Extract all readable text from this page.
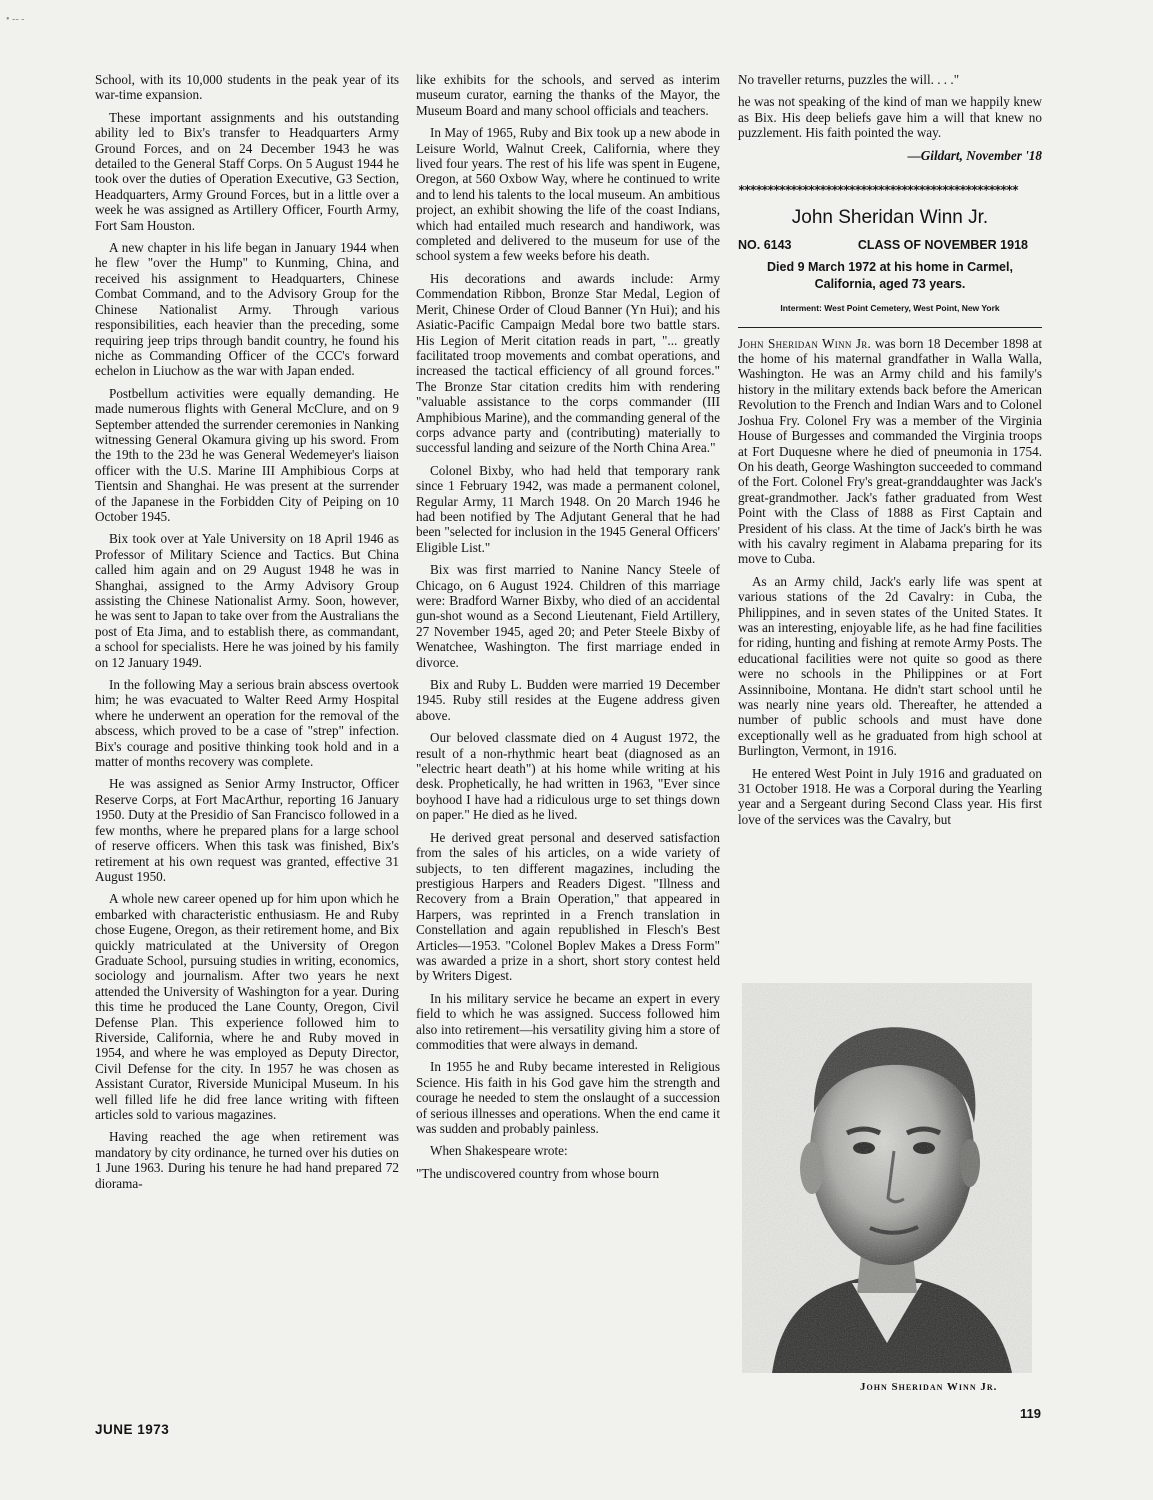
• -- -

School, with its 10,000 students in the peak year of its war-time expansion.

These important assignments and his outstanding ability led to Bix's transfer to Headquarters Army Ground Forces, and on 24 December 1943 he was detailed to the General Staff Corps. On 5 August 1944 he took over the duties of Operation Executive, G3 Section, Headquarters, Army Ground Forces, but in a little over a week he was assigned as Artillery Officer, Fourth Army, Fort Sam Houston.

A new chapter in his life began in January 1944 when he flew "over the Hump" to Kunming, China, and received his assignment to Headquarters, Chinese Combat Command, and to the Advisory Group for the Chinese Nationalist Army. Through various responsibilities, each heavier than the preceding, some requiring jeep trips through bandit country, he found his niche as Commanding Officer of the CCC's forward echelon in Liuchow as the war with Japan ended.

Postbellum activities were equally demanding. He made numerous flights with General McClure, and on 9 September attended the surrender ceremonies in Nanking witnessing General Okamura giving up his sword. From the 19th to the 23d he was General Wedemeyer's liaison officer with the U.S. Marine III Amphibious Corps at Tientsin and Shanghai. He was present at the surrender of the Japanese in the Forbidden City of Peiping on 10 October 1945.

Bix took over at Yale University on 18 April 1946 as Professor of Military Science and Tactics. But China called him again and on 29 August 1948 he was in Shanghai, assigned to the Army Advisory Group assisting the Chinese Nationalist Army. Soon, however, he was sent to Japan to take over from the Australians the post of Eta Jima, and to establish there, as commandant, a school for specialists. Here he was joined by his family on 12 January 1949.

In the following May a serious brain abscess overtook him; he was evacuated to Walter Reed Army Hospital where he underwent an operation for the removal of the abscess, which proved to be a case of "strep" infection. Bix's courage and positive thinking took hold and in a matter of months recovery was complete.

He was assigned as Senior Army Instructor, Officer Reserve Corps, at Fort MacArthur, reporting 16 January 1950. Duty at the Presidio of San Francisco followed in a few months, where he prepared plans for a large school of reserve officers. When this task was finished, Bix's retirement at his own request was granted, effective 31 August 1950.

A whole new career opened up for him upon which he embarked with characteristic enthusiasm. He and Ruby chose Eugene, Oregon, as their retirement home, and Bix quickly matriculated at the University of Oregon Graduate School, pursuing studies in writing, economics, sociology and journalism. After two years he next attended the University of Washington for a year. During this time he produced the Lane County, Oregon, Civil Defense Plan. This experience followed him to Riverside, California, where he and Ruby moved in 1954, and where he was employed as Deputy Director, Civil Defense for the city. In 1957 he was chosen as Assistant Curator, Riverside Municipal Museum. In his well filled life he did free lance writing with fifteen articles sold to various magazines.

Having reached the age when retirement was mandatory by city ordinance, he turned over his duties on 1 June 1963. During his tenure he had hand prepared 72 diorama-

like exhibits for the schools, and served as interim museum curator, earning the thanks of the Mayor, the Museum Board and many school officials and teachers.

In May of 1965, Ruby and Bix took up a new abode in Leisure World, Walnut Creek, California, where they lived four years. The rest of his life was spent in Eugene, Oregon, at 560 Oxbow Way, where he continued to write and to lend his talents to the local museum. An ambitious project, an exhibit showing the life of the coast Indians, which had entailed much research and handiwork, was completed and delivered to the museum for use of the school system a few weeks before his death.

His decorations and awards include: Army Commendation Ribbon, Bronze Star Medal, Legion of Merit, Chinese Order of Cloud Banner (Yn Hui); and his Asiatic-Pacific Campaign Medal bore two battle stars. His Legion of Merit citation reads in part, "... greatly facilitated troop movements and combat operations, and increased the tactical efficiency of all ground forces." The Bronze Star citation credits him with rendering "valuable assistance to the corps commander (III Amphibious Marine), and the commanding general of the corps advance party and (contributing) materially to successful landing and seizure of the North China Area."

Colonel Bixby, who had held that temporary rank since 1 February 1942, was made a permanent colonel, Regular Army, 11 March 1948. On 20 March 1946 he had been notified by The Adjutant General that he had been "selected for inclusion in the 1945 General Officers' Eligible List."

Bix was first married to Nanine Nancy Steele of Chicago, on 6 August 1924. Children of this marriage were: Bradford Warner Bixby, who died of an accidental gun-shot wound as a Second Lieutenant, Field Artillery, 27 November 1945, aged 20; and Peter Steele Bixby of Wenatchee, Washington. The first marriage ended in divorce.

Bix and Ruby L. Budden were married 19 December 1945. Ruby still resides at the Eugene address given above.

Our beloved classmate died on 4 August 1972, the result of a non-rhythmic heart beat (diagnosed as an "electric heart death") at his home while writing at his desk. Prophetically, he had written in 1963, "Ever since boyhood I have had a ridiculous urge to set things down on paper." He died as he lived.

He derived great personal and deserved satisfaction from the sales of his articles, on a wide variety of subjects, to ten different magazines, including the prestigious Harpers and Readers Digest. "Illness and Recovery from a Brain Operation," that appeared in Harpers, was reprinted in a French translation in Constellation and again republished in Flesch's Best Articles—1953. "Colonel Boplev Makes a Dress Form" was awarded a prize in a short, short story contest held by Writers Digest.

In his military service he became an expert in every field to which he was assigned. Success followed him also into retirement—his versatility giving him a store of commodities that were always in demand.

In 1955 he and Ruby became interested in Religious Science. His faith in his God gave him the strength and courage he needed to stem the onslaught of a succession of serious illnesses and operations. When the end came it was sudden and probably painless.

When Shakespeare wrote:

"The undiscovered country from whose bourn

No traveller returns, puzzles the will. . . ."

he was not speaking of the kind of man we happily knew as Bix. His deep beliefs gave him a will that knew no puzzlement. His faith pointed the way.

—Gildart, November '18
************************************************
John Sheridan Winn Jr.
NO. 6143	CLASS OF NOVEMBER 1918
Died 9 March 1972 at his home in Carmel,
California, aged 73 years.
Interment: West Point Cemetery, West Point, New York

John Sheridan Winn Jr. was born 18 December 1898 at the home of his maternal grandfather in Walla Walla, Washington. He was an Army child and his family's history in the military extends back before the American Revolution to the French and Indian Wars and to Colonel Joshua Fry. Colonel Fry was a member of the Virginia House of Burgesses and commanded the Virginia troops at Fort Duquesne where he died of pneumonia in 1754. On his death, George Washington succeeded to command of the Fort. Colonel Fry's great-granddaughter was Jack's great-grandmother. Jack's father graduated from West Point with the Class of 1888 as First Captain and President of his class. At the time of Jack's birth he was with his cavalry regiment in Alabama preparing for its move to Cuba.

As an Army child, Jack's early life was spent at various stations of the 2d Cavalry: in Cuba, the Philippines, and in seven states of the United States. It was an interesting, enjoyable life, as he had fine facilities for riding, hunting and fishing at remote Army Posts. The educational facilities were not quite so good as there were no schools in the Philippines or at Fort Assinniboine, Montana. He didn't start school until he was nearly nine years old. Thereafter, he attended a number of public schools and must have done exceptionally well as he graduated from high school at Burlington, Vermont, in 1916.

He entered West Point in July 1916 and graduated on 31 October 1918. He was a Corporal during the Yearling year and a Sergeant during Second Class year. His first love of the services was the Cavalry, but

John Sheridan Winn Jr.
JUNE 1973
119
